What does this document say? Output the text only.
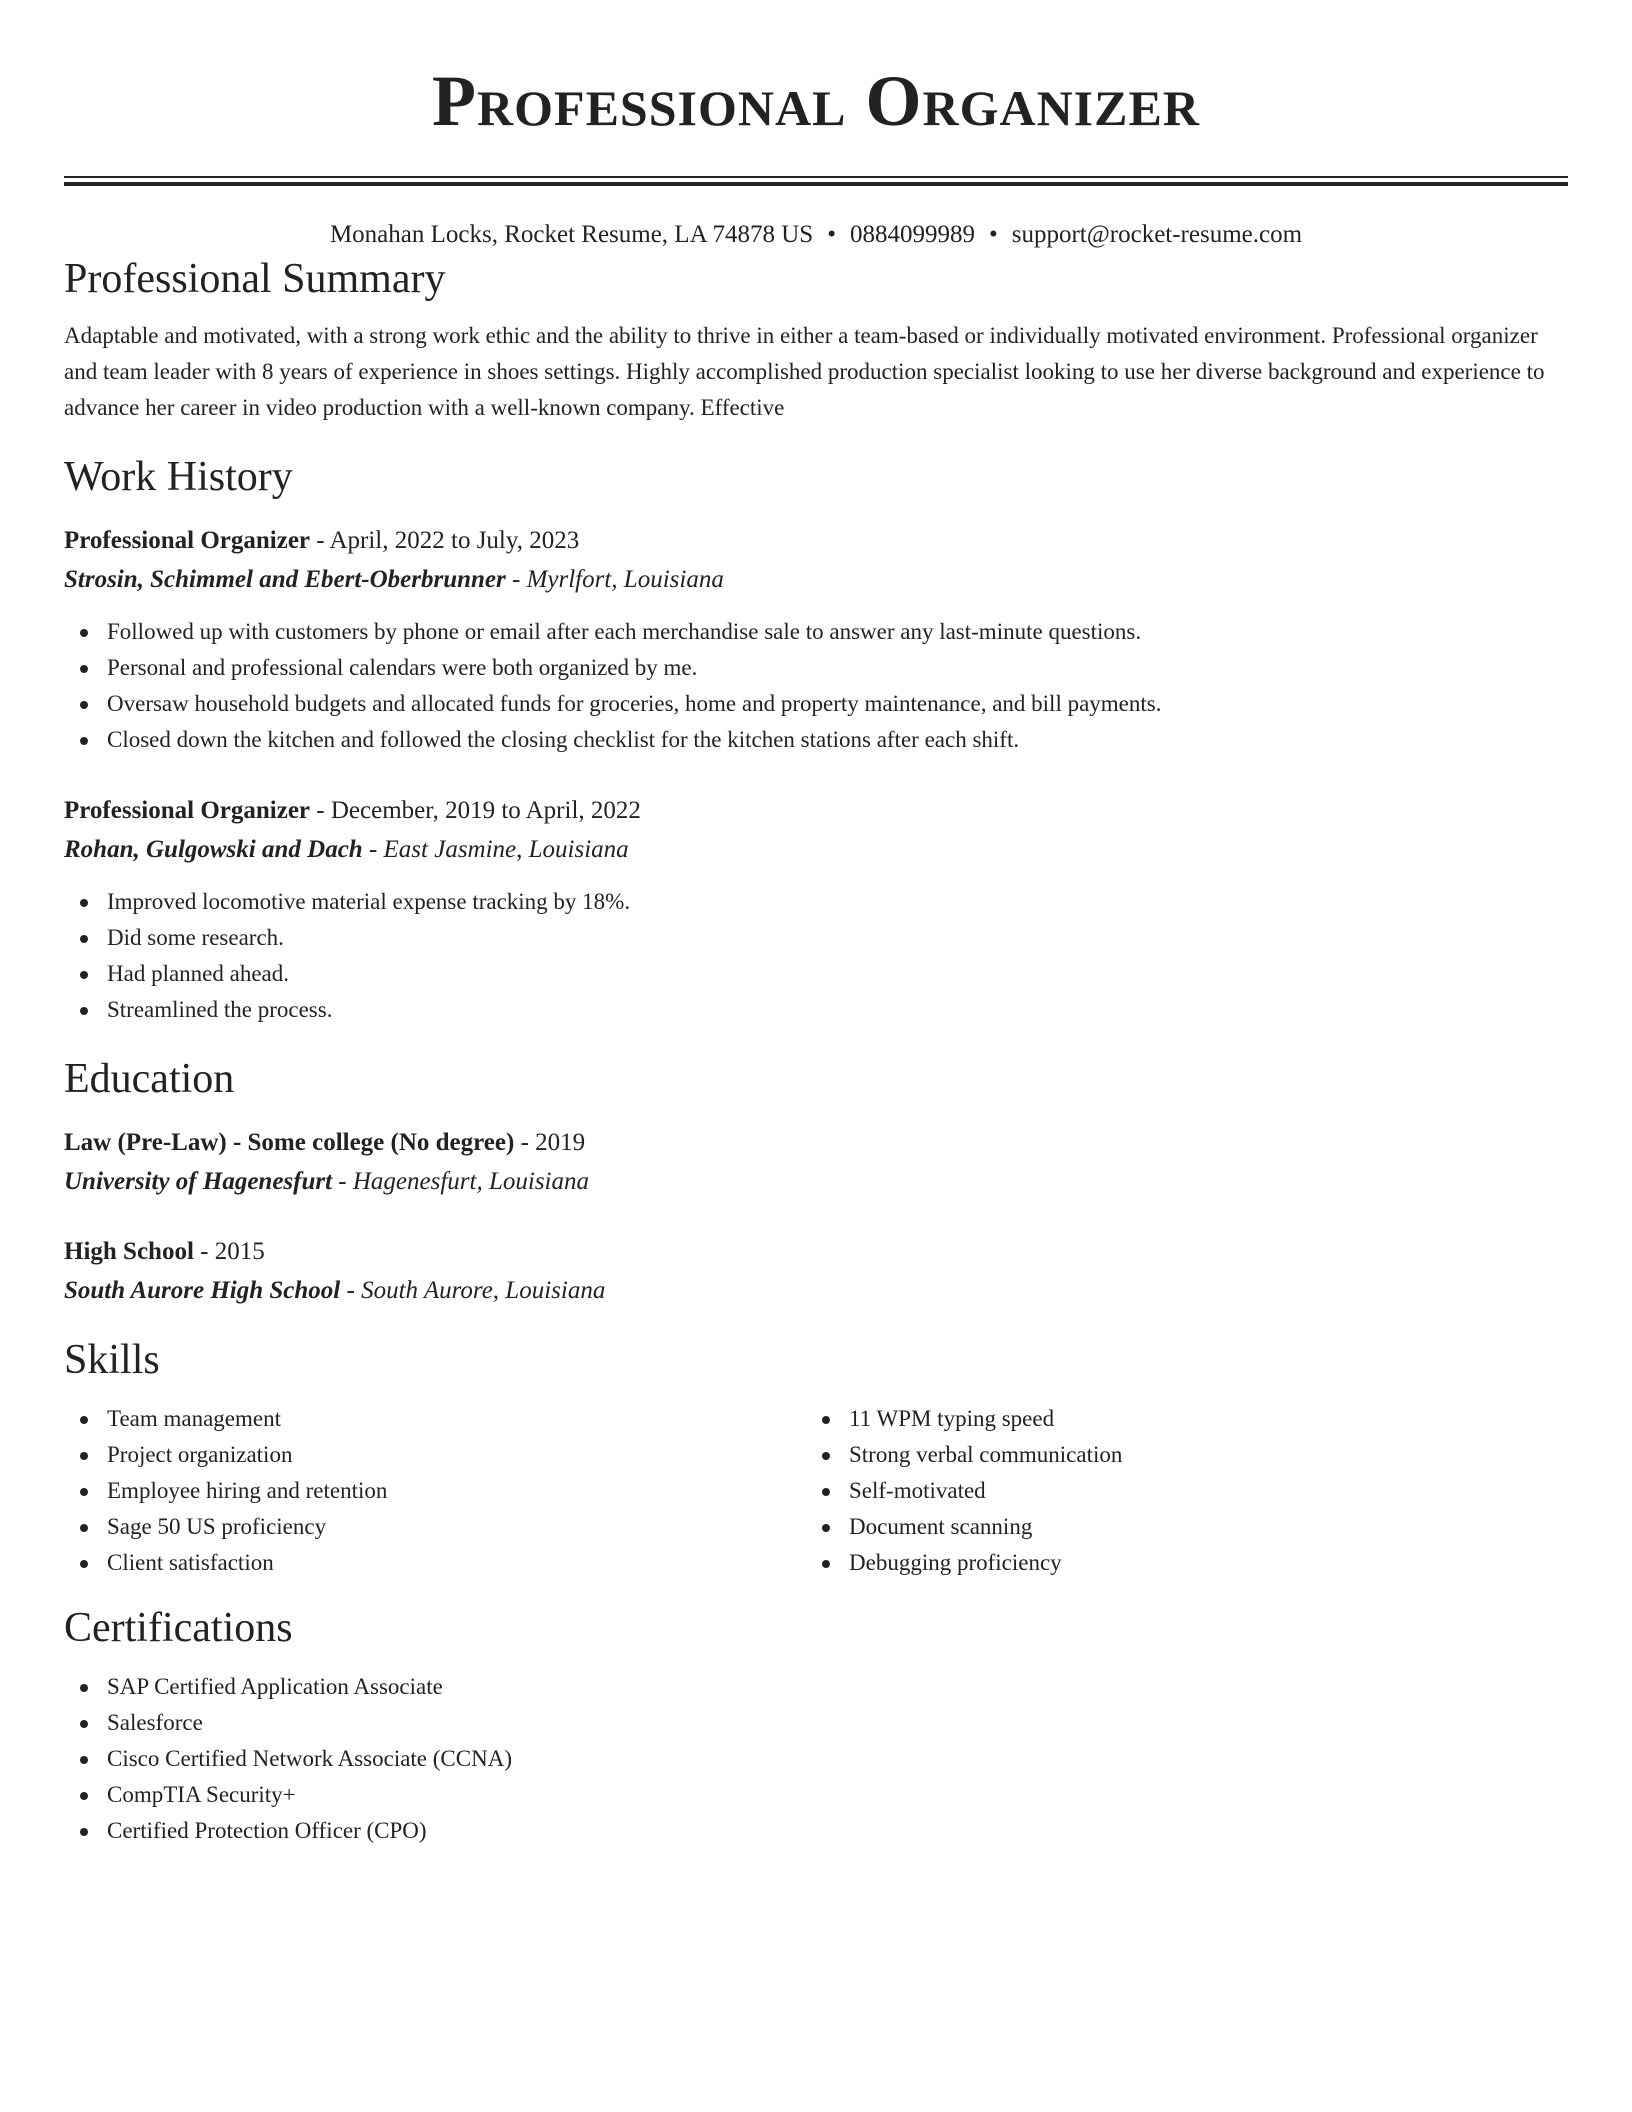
Professional Organizer
Monahan Locks, Rocket Resume, LA 74878 US • 0884099989 • support@rocket-resume.com
Professional Summary

Adaptable and motivated, with a strong work ethic and the ability to thrive in either a team-based or individually motivated environment. Professional organizer and team leader with 8 years of experience in shoes settings. Highly accomplished production specialist looking to use her diverse background and experience to advance her career in video production with a well-known company. Effective

Work History
Professional Organizer - April, 2022 to July, 2023
Strosin, Schimmel and Ebert-Oberbrunner - Myrlfort, Louisiana
Followed up with customers by phone or email after each merchandise sale to answer any last-minute questions.
Personal and professional calendars were both organized by me.
Oversaw household budgets and allocated funds for groceries, home and property maintenance, and bill payments.
Closed down the kitchen and followed the closing checklist for the kitchen stations after each shift.
Professional Organizer - December, 2019 to April, 2022
Rohan, Gulgowski and Dach - East Jasmine, Louisiana
Improved locomotive material expense tracking by 18%.
Did some research.
Had planned ahead.
Streamlined the process.
Education
Law (Pre-Law) - Some college (No degree) - 2019
University of Hagenesfurt - Hagenesfurt, Louisiana
High School - 2015
South Aurore High School - South Aurore, Louisiana
Skills
Team management
Project organization
Employee hiring and retention
Sage 50 US proficiency
Client satisfaction
11 WPM typing speed
Strong verbal communication
Self-motivated
Document scanning
Debugging proficiency
Certifications
SAP Certified Application Associate
Salesforce
Cisco Certified Network Associate (CCNA)
CompTIA Security+
Certified Protection Officer (CPO)
